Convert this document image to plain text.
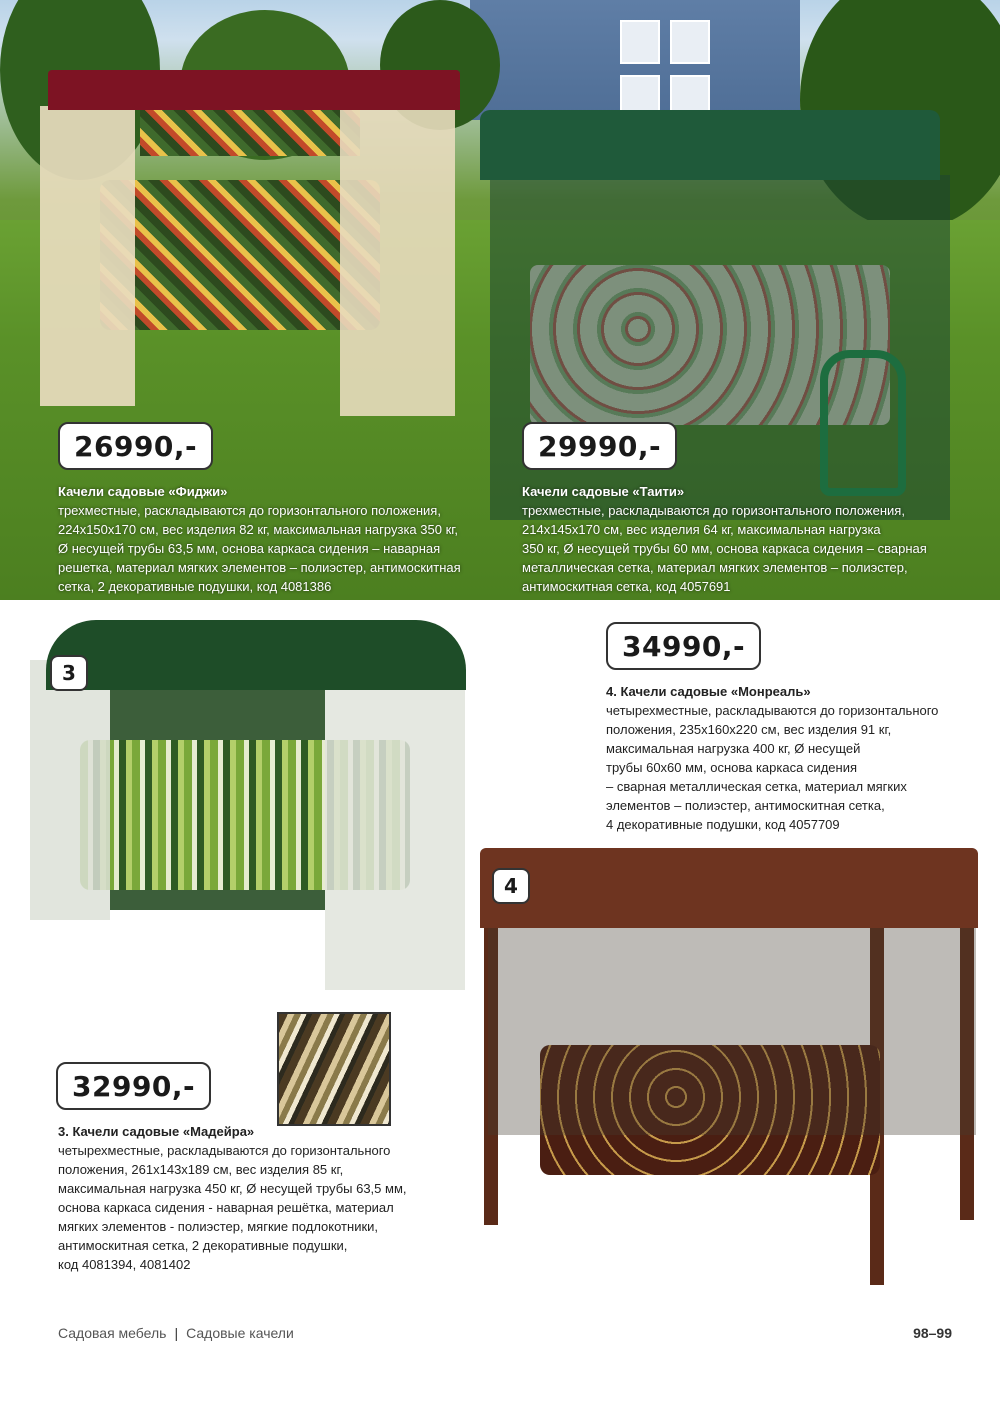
26990,-
Качели садовые «Фиджи»
трехместные, раскладываются до горизонтального положения,
224x150x170 см, вес изделия 82 кг, максимальная нагрузка 350 кг,
Ø несущей трубы 63,5 мм, основа каркаса сидения – наварная
решетка, материал мягких элементов – полиэстер, антимоскитная
сетка, 2 декоративные подушки, код 4081386
29990,-
Качели садовые «Таити»
трехместные, раскладываются до горизонтального положения,
214x145x170 см, вес изделия 64 кг, максимальная нагрузка
350 кг, Ø несущей трубы 60 мм, основа каркаса сидения – сварная
металлическая сетка, материал мягких элементов – полиэстер,
антимоскитная сетка, код 4057691
3
32990,-
3. Качели садовые «Мадейра»
четырехместные, раскладываются до горизонтального
положения, 261x143x189 см, вес изделия 85 кг,
максимальная нагрузка 450 кг, Ø несущей трубы 63,5 мм,
основа каркаса сидения - наварная решётка, материал
мягких элементов - полиэстер, мягкие подлокотники,
антимоскитная сетка, 2 декоративные подушки,
код 4081394, 4081402
34990,-
4. Качели садовые «Монреаль»
четырехместные, раскладываются до горизонтального
положения, 235x160x220 см, вес изделия 91 кг,
максимальная нагрузка 400 кг, Ø несущей
трубы 60x60 мм, основа каркаса сидения
– сварная металлическая сетка, материал мягких
элементов – полиэстер, антимоскитная сетка,
4 декоративные подушки, код 4057709
4
Садовая мебель | Садовые качели	98–99
